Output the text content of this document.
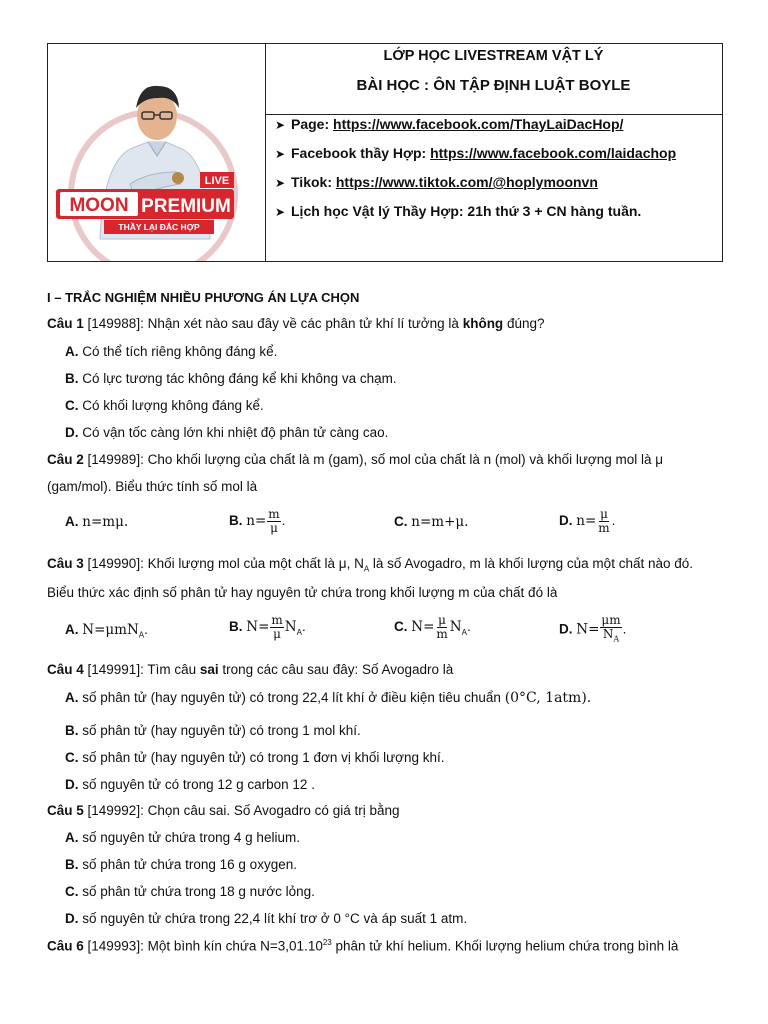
LIVE
MOON PREMIUM
THẦY LẠI ĐẮC HỢP
LỚP HỌC LIVESTREAM VẬT LÝ
BÀI HỌC : ÔN TẬP ĐỊNH LUẬT BOYLE
➤ Page: https://www.facebook.com/ThayLaiDacHop/
➤ Facebook thầy Hợp: https://www.facebook.com/laidachop
➤ Tikok: https://www.tiktok.com/@hoplymoonvn
➤ Lịch học Vật lý Thầy Hợp: 21h thứ 3 + CN hàng tuần.
I – TRẮC NGHIỆM NHIỀU PHƯƠNG ÁN LỰA CHỌN
Câu 1 [149988]: Nhận xét nào sau đây về các phân tử khí lí tưởng là không đúng?
A. Có thể tích riêng không đáng kể.
B. Có lực tương tác không đáng kể khi không va chạm.
C. Có khối lượng không đáng kể.
D. Có vận tốc càng lớn khi nhiệt độ phân tử càng cao.
Câu 2 [149989]: Cho khối lượng của chất là m (gam), số mol của chất là n (mol) và khối lượng mol là μ
(gam/mol). Biểu thức tính số mol là
A. n=mμ.	B. $n= \frac{m}{\mu}$ .	C. n=m+μ.	D. $n= \frac{\mu}{m}$ .
Câu 3 [149990]: Khối lượng mol của một chất là μ, $N_A$ là số Avogadro, m là khối lượng của một chất nào đó.
Biểu thức xác định số phân tử hay nguyên tử chứa trong khối lượng m của chất đó là
A. N=μmN$_A$.	B. $N= \frac{m}{\mu} N_A$.	C. $N= \frac{\mu}{m} N_A$.	D. $N= \frac{\mu m}{N_A}$ .
Câu 4 [149991]: Tìm câu sai trong các câu sau đây: Số Avogadro là
A. số phân tử (hay nguyên tử) có trong 22,4 lít khí ở điều kiện tiêu chuẩn (0°C, 1atm).
B. số phân tử (hay nguyên tử) có trong 1 mol khí.
C. số phân tử (hay nguyên tử) có trong 1 đơn vị khối lượng khí.
D. số nguyên tử có trong 12 g carbon 12 .
Câu 5 [149992]: Chọn câu sai. Số Avogadro có giá trị bằng
A. số nguyên tử chứa trong 4 g helium.
B. số phân tử chứa trong 16 g oxygen.
C. số phân tử chứa trong 18 g nước lỏng.
D. số nguyên tử chứa trong 22,4 lít khí trơ ở 0 °C và áp suất 1 atm.
Câu 6 [149993]: Một bình kín chứa $N=3,01.10^{23}$ phân tử khí helium. Khối lượng helium chứa trong bình là
